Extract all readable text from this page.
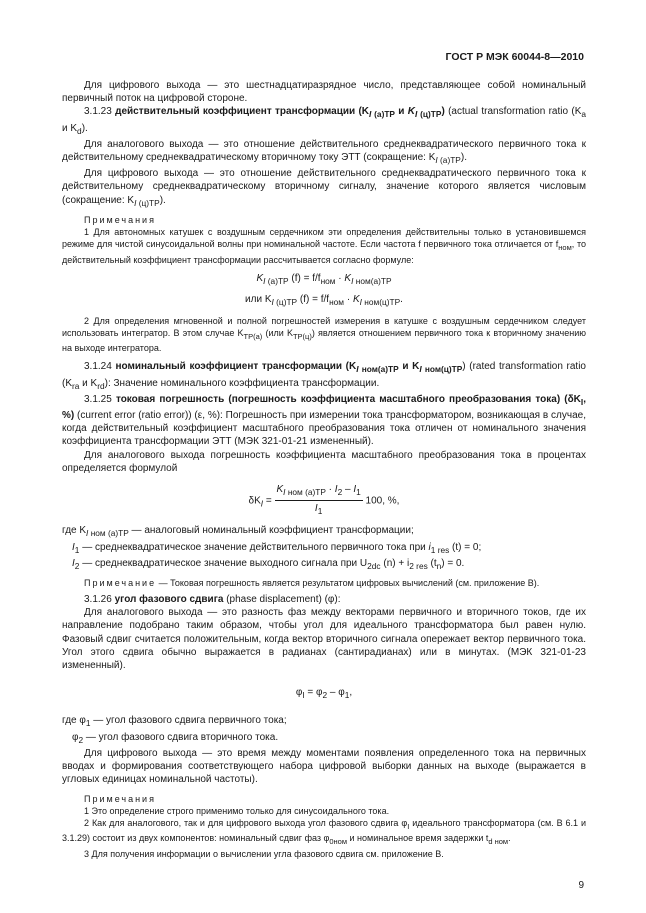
ГОСТ Р МЭК 60044-8—2010

Для цифрового выхода — это шестнадцатиразрядное число, представляющее собой номинальный первичный поток на цифровой стороне.

3.1.23 действительный коэффициент трансформации ($K_{I (а)ТР}$ и $K_{I (ц)ТР}$) (actual transformation ratio ($K_a$ и $K_d$).

Для аналогового выхода — это отношение действительного среднеквадратического первичного тока к действительному среднеквадратическому вторичному току ЭТТ (сокращение: $K_{I (а)ТР}$).

Для цифрового выхода — это отношение действительного среднеквадратического первичного тока к действительному среднеквадратическому вторичному сигналу, значение которого является числовым (сокращение: $K_{I (ц)ТР}$).

Примечания

1 Для автономных катушек с воздушным сердечником эти определения действительны только в установившемся режиме для чистой синусоидальной волны при номинальной частоте. Если частота f первичного тока отличается от $f_{ном}$, то действительный коэффициент трансформации рассчитывается согласно формуле:

$K_I$ $_{(а)ТР}$ $(f) = f/f_{ном} \cdot K_I$ $_{ном(а)ТР}$
или $K_{I (ц)ТР}$ $(f) = f/f_{ном} \cdot K_I$ $_{ном(ц)ТР}$.

2 Для определения мгновенной и полной погрешностей измерения в катушке с воздушным сердечником следует использовать интегратор. В этом случае $K_{ТР(а)}$ (или $K_{ТР(ц)}$) является отношением первичного тока к вторичному значению на выходе интегратора.

3.1.24 номинальный коэффициент трансформации ($K_{I ном(а)ТР}$ и $K_{I ном(ц)ТР}$) (rated transformation ratio ($K_{ra}$ и $K_{rd}$): Значение номинального коэффициента трансформации.

3.1.25 токовая погрешность (погрешность коэффициента масштабного преобразования тока) ($\delta K_I$, %) (current error (ratio error)) (ε, %): Погрешность при измерении тока трансформатором, возникающая в случае, когда действительный коэффициент масштабного преобразования тока отличен от номинального значения коэффициента трансформации ЭТТ (МЭК 321-01-21 измененный).

Для аналогового выхода погрешность коэффициента масштабного преобразования тока в процентах определяется формулой

$\delta K_I = \frac{K_I _{ном (а)ТР} \cdot I_2 - I_1}{I_1} 100$, %,

где $K_{I ном (а)ТР}$ — аналоговый номинальный коэффициент трансформации;

$I_1$ — среднеквадратическое значение действительного первичного тока при $i_{1 res}$ (t) = 0;

$I_2$ — среднеквадратическое значение выходного сигнала при $U_{2dc}$ $(n) + i_{2 res}$ $(t_n) = 0$.

Примечание — Токовая погрешность является результатом цифровых вычислений (см. приложение В).

3.1.26 угол фазового сдвига (phase displacement) (φ):

Для аналогового выхода — это разность фаз между векторами первичного и вторичного токов, где их направление подобрано таким образом, чтобы угол для идеального трансформатора был равен нулю. Фазовый сдвиг считается положительным, когда вектор вторичного сигнала опережает вектор первичного тока. Угол этого сдвига обычно выражается в радианах (сантирадианах) или в минутах. (МЭК 321-01-23 измененный).

$\varphi_I = \varphi_2 - \varphi_1$,

где $\varphi_1$ — угол фазового сдвига первичного тока;

$\varphi_2$ — угол фазового сдвига вторичного тока.

Для цифрового выхода — это время между моментами появления определенного тока на первичных вводах и формирования соответствующего набора цифровой выборки данных на выходе (выражается в угловых единицах номинальной частоты).

Примечания

1 Это определение строго применимо только для синусоидального тока.

2 Как для аналогового, так и для цифрового выхода угол фазового сдвига $\varphi_I$ идеального трансформатора (см. В 6.1 и 3.1.29) состоит из двух компонентов: номинальный сдвиг фаз $\varphi_{0ном}$ и номинальное время задержки $t_{d ном}$.

3 Для получения информации о вычислении угла фазового сдвига см. приложение В.

9
